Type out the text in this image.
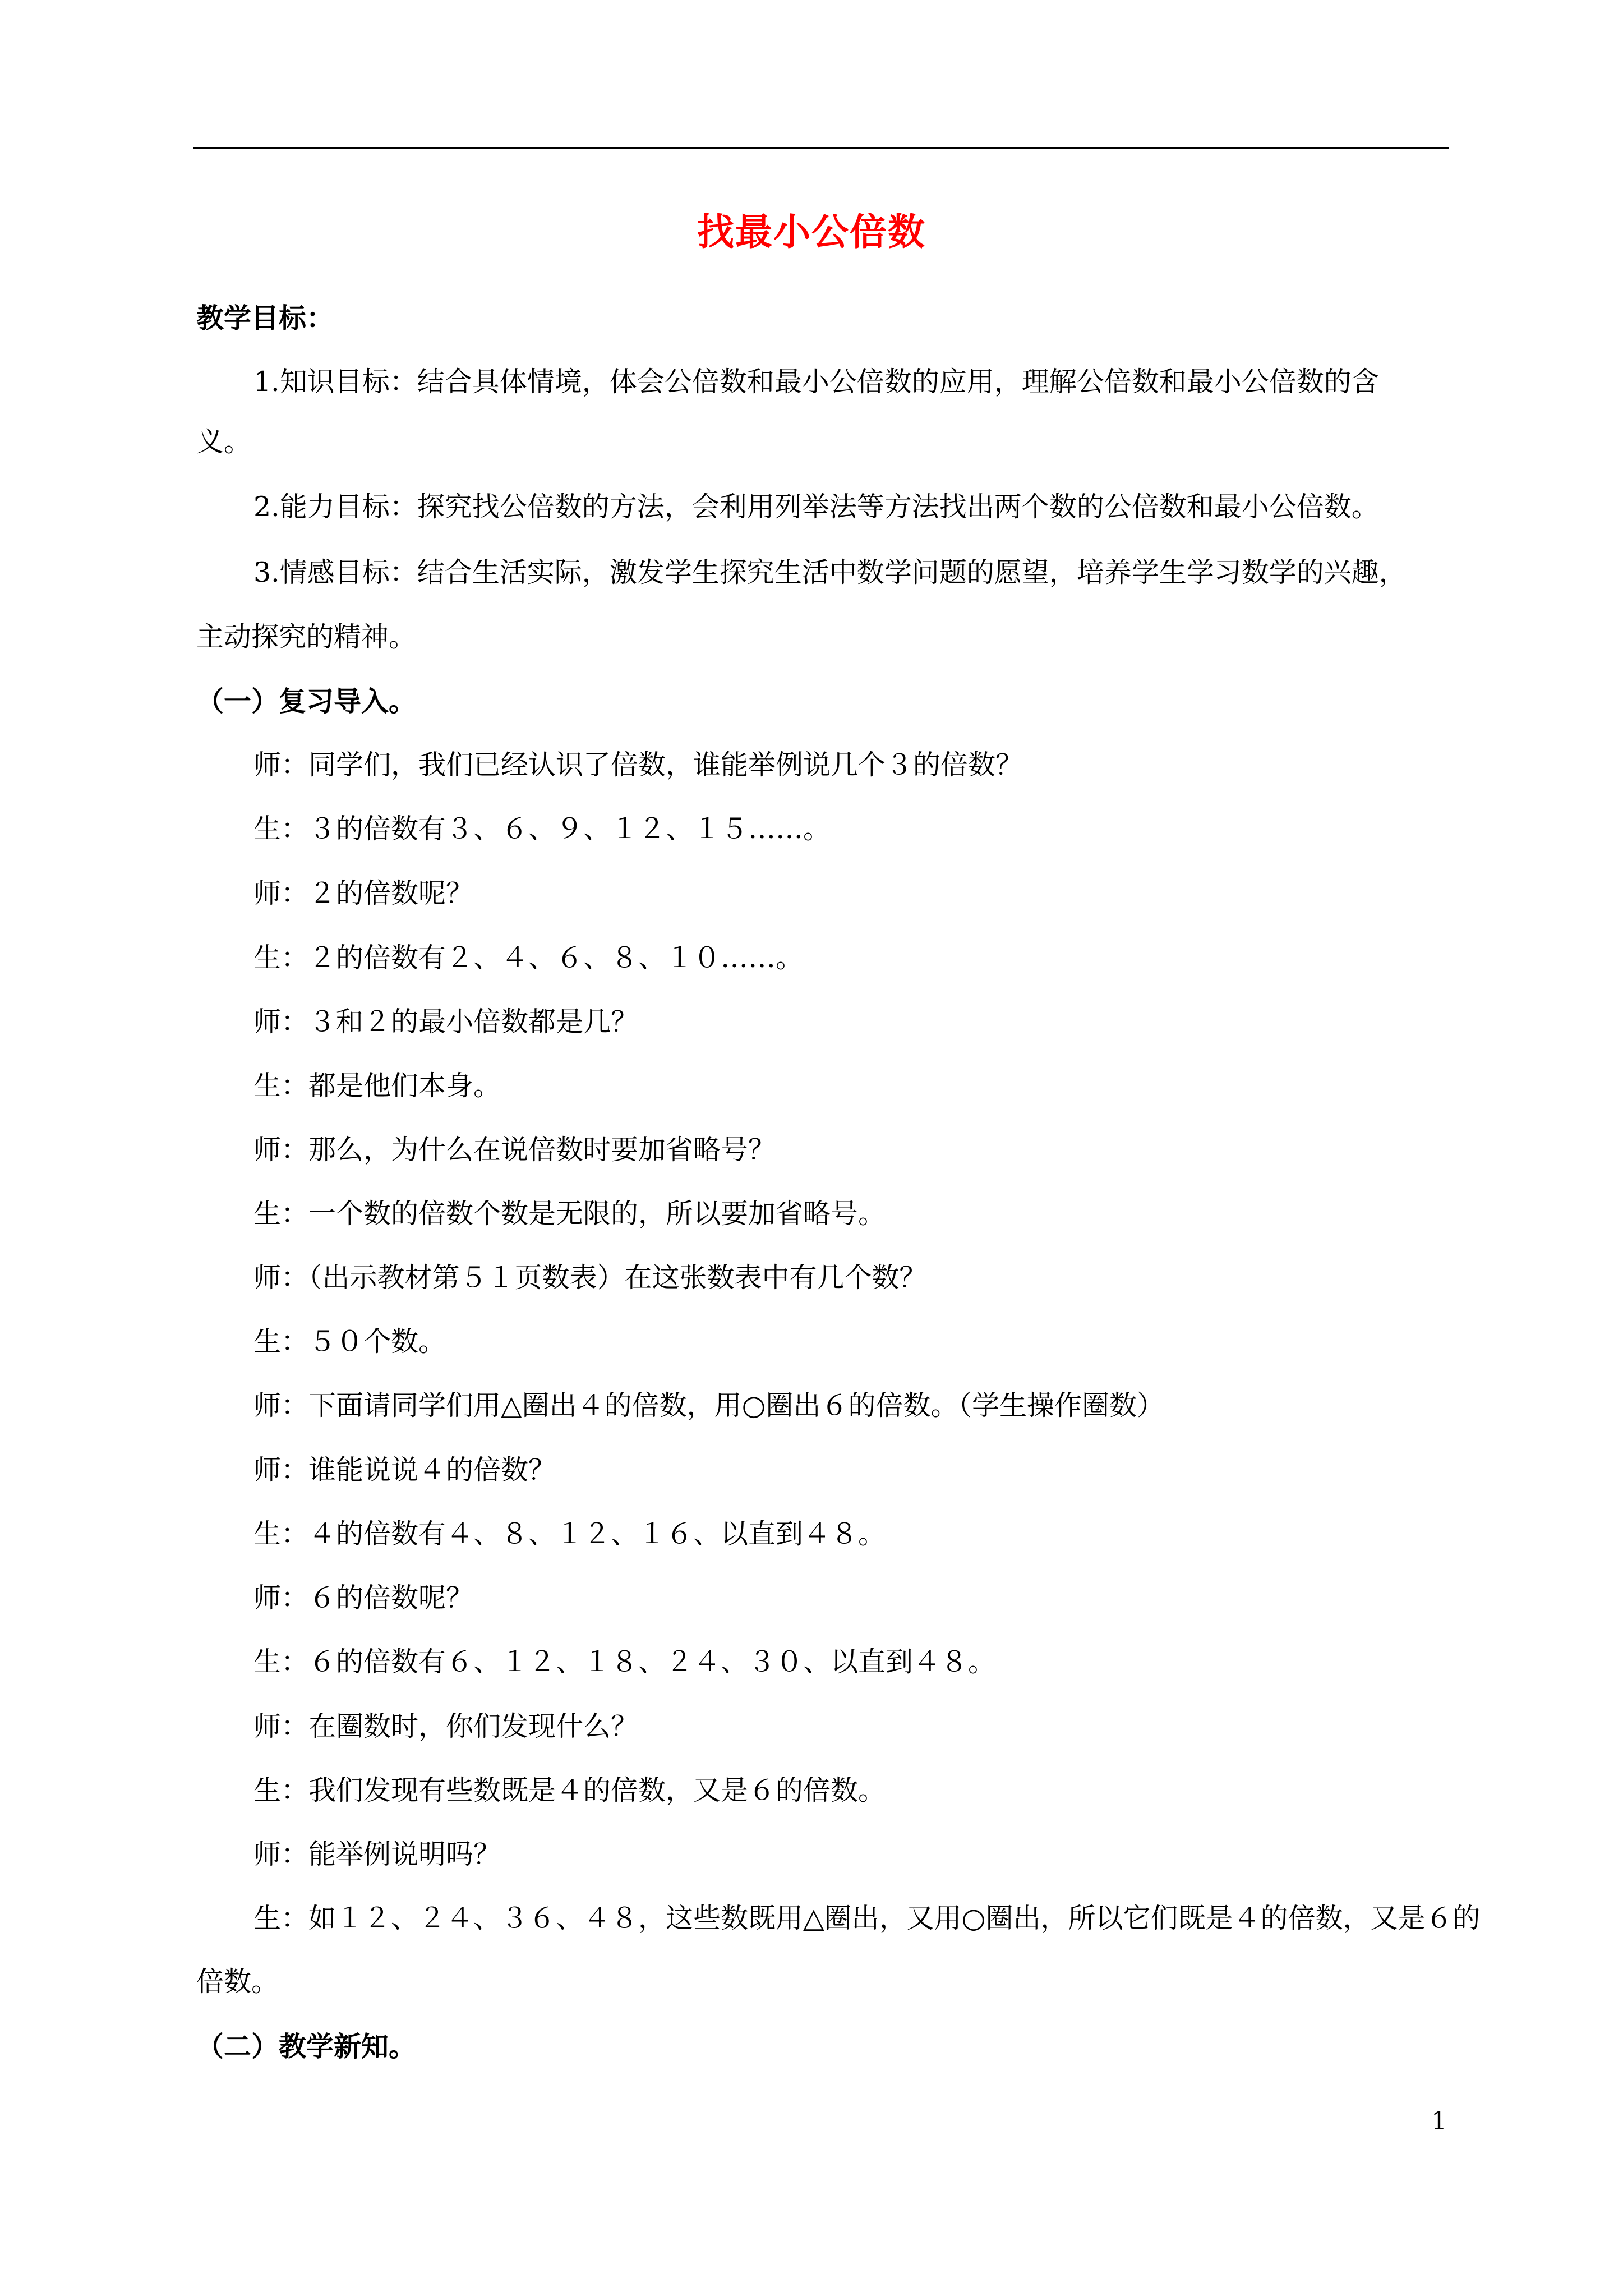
找最小公倍数
教学目标：
1.知识目标：结合具体情境，体会公倍数和最小公倍数的应用，理解公倍数和最小公倍数的含
义。
2.能力目标：探究找公倍数的方法，会利用列举法等方法找出两个数的公倍数和最小公倍数。
3.情感目标：结合生活实际，激发学生探究生活中数学问题的愿望，培养学生学习数学的兴趣，
主动探究的精神。
（一）复习导入。
师：同学们，我们已经认识了倍数，谁能举例说几个３的倍数？
生：３的倍数有３、６、９、１２、１５……。
师：２的倍数呢？
生：２的倍数有２、４、６、８、１０……。
师：３和２的最小倍数都是几？
生：都是他们本身。
师：那么，为什么在说倍数时要加省略号？
生：一个数的倍数个数是无限的，所以要加省略号。
师：（出示教材第５１页数表）在这张数表中有几个数？
生：５０个数。
师：下面请同学们用△圈出４的倍数，用○圈出６的倍数。（学生操作圈数）
师：谁能说说４的倍数？
生：４的倍数有４、８、１２、１６、以直到４８。
师：６的倍数呢？
生：６的倍数有６、１２、１８、２４、３０、以直到４８。
师：在圈数时，你们发现什么？
生：我们发现有些数既是４的倍数，又是６的倍数。
师：能举例说明吗？
生：如１２、２４、３６、４８，这些数既用△圈出，又用○圈出，所以它们既是４的倍数，又是６的
倍数。
（二）教学新知。
1
